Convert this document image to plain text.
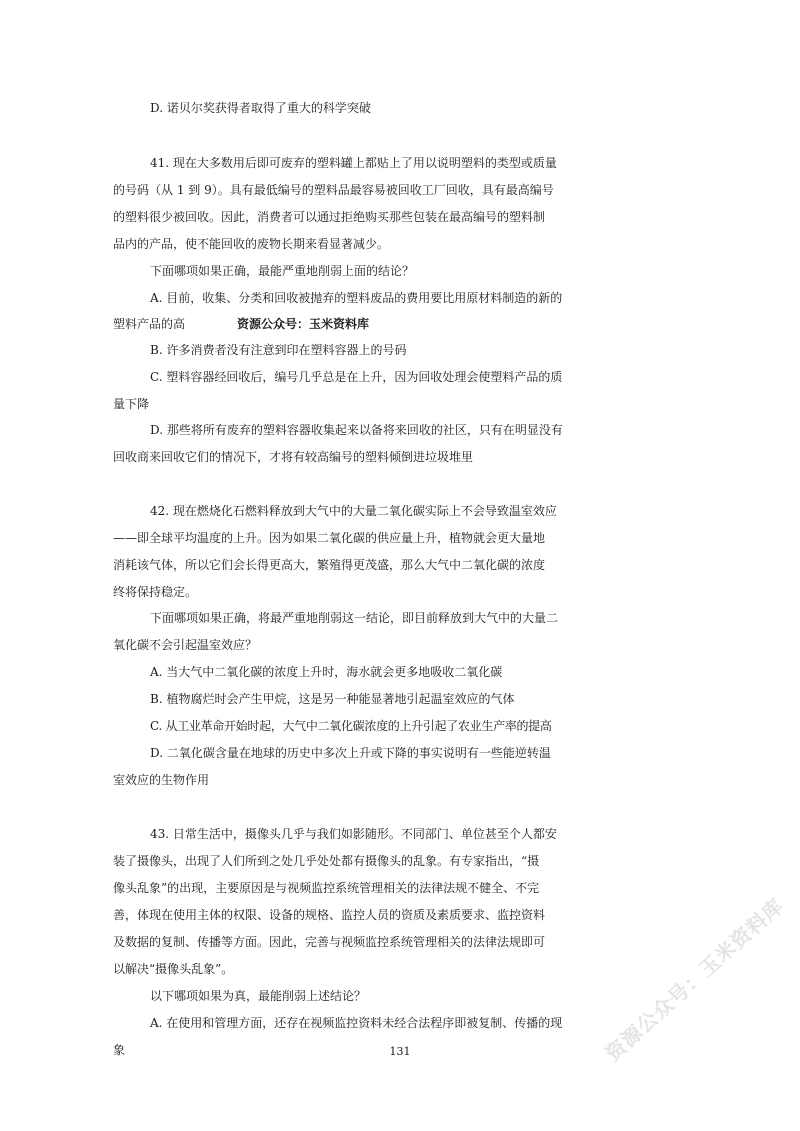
D. 诺贝尔奖获得者取得了重大的科学突破
41. 现在大多数用后即可废弃的塑料罐上都贴上了用以说明塑料的类型或质量
的号码（从 1 到 9）。具有最低编号的塑料品最容易被回收工厂回收，具有最高编号
的塑料很少被回收。因此，消费者可以通过拒绝购买那些包装在最高编号的塑料制
品内的产品，使不能回收的废物长期来看显著减少。
下面哪项如果正确，最能严重地削弱上面的结论？
A. 目前，收集、分类和回收被抛弃的塑料废品的费用要比用原材料制造的新的
塑料产品的高	资源公众号：玉米资料库
B. 许多消费者没有注意到印在塑料容器上的号码
C. 塑料容器经回收后，编号几乎总是在上升，因为回收处理会使塑料产品的质
量下降
D. 那些将所有废弃的塑料容器收集起来以备将来回收的社区，只有在明显没有
回收商来回收它们的情况下，才将有较高编号的塑料倾倒进垃圾堆里
42. 现在燃烧化石燃料释放到大气中的大量二氧化碳实际上不会导致温室效应
——即全球平均温度的上升。因为如果二氧化碳的供应量上升，植物就会更大量地
消耗该气体，所以它们会长得更高大，繁殖得更茂盛，那么大气中二氧化碳的浓度
终将保持稳定。
下面哪项如果正确，将最严重地削弱这一结论，即目前释放到大气中的大量二
氧化碳不会引起温室效应？
A. 当大气中二氧化碳的浓度上升时，海水就会更多地吸收二氧化碳
B. 植物腐烂时会产生甲烷，这是另一种能显著地引起温室效应的气体
C. 从工业革命开始时起，大气中二氧化碳浓度的上升引起了农业生产率的提高
D. 二氧化碳含量在地球的历史中多次上升或下降的事实说明有一些能逆转温
室效应的生物作用
43. 日常生活中，摄像头几乎与我们如影随形。不同部门、单位甚至个人都安
装了摄像头，出现了人们所到之处几乎处处都有摄像头的乱象。有专家指出，“摄
像头乱象”的出现，主要原因是与视频监控系统管理相关的法律法规不健全、不完
善，体现在使用主体的权限、设备的规格、监控人员的资质及素质要求、监控资料
及数据的复制、传播等方面。因此，完善与视频监控系统管理相关的法律法规即可
以解决“摄像头乱象”。
以下哪项如果为真，最能削弱上述结论？
A. 在使用和管理方面，还存在视频监控资料未经合法程序即被复制、传播的现
象	131	资源公众号：玉米资料库
